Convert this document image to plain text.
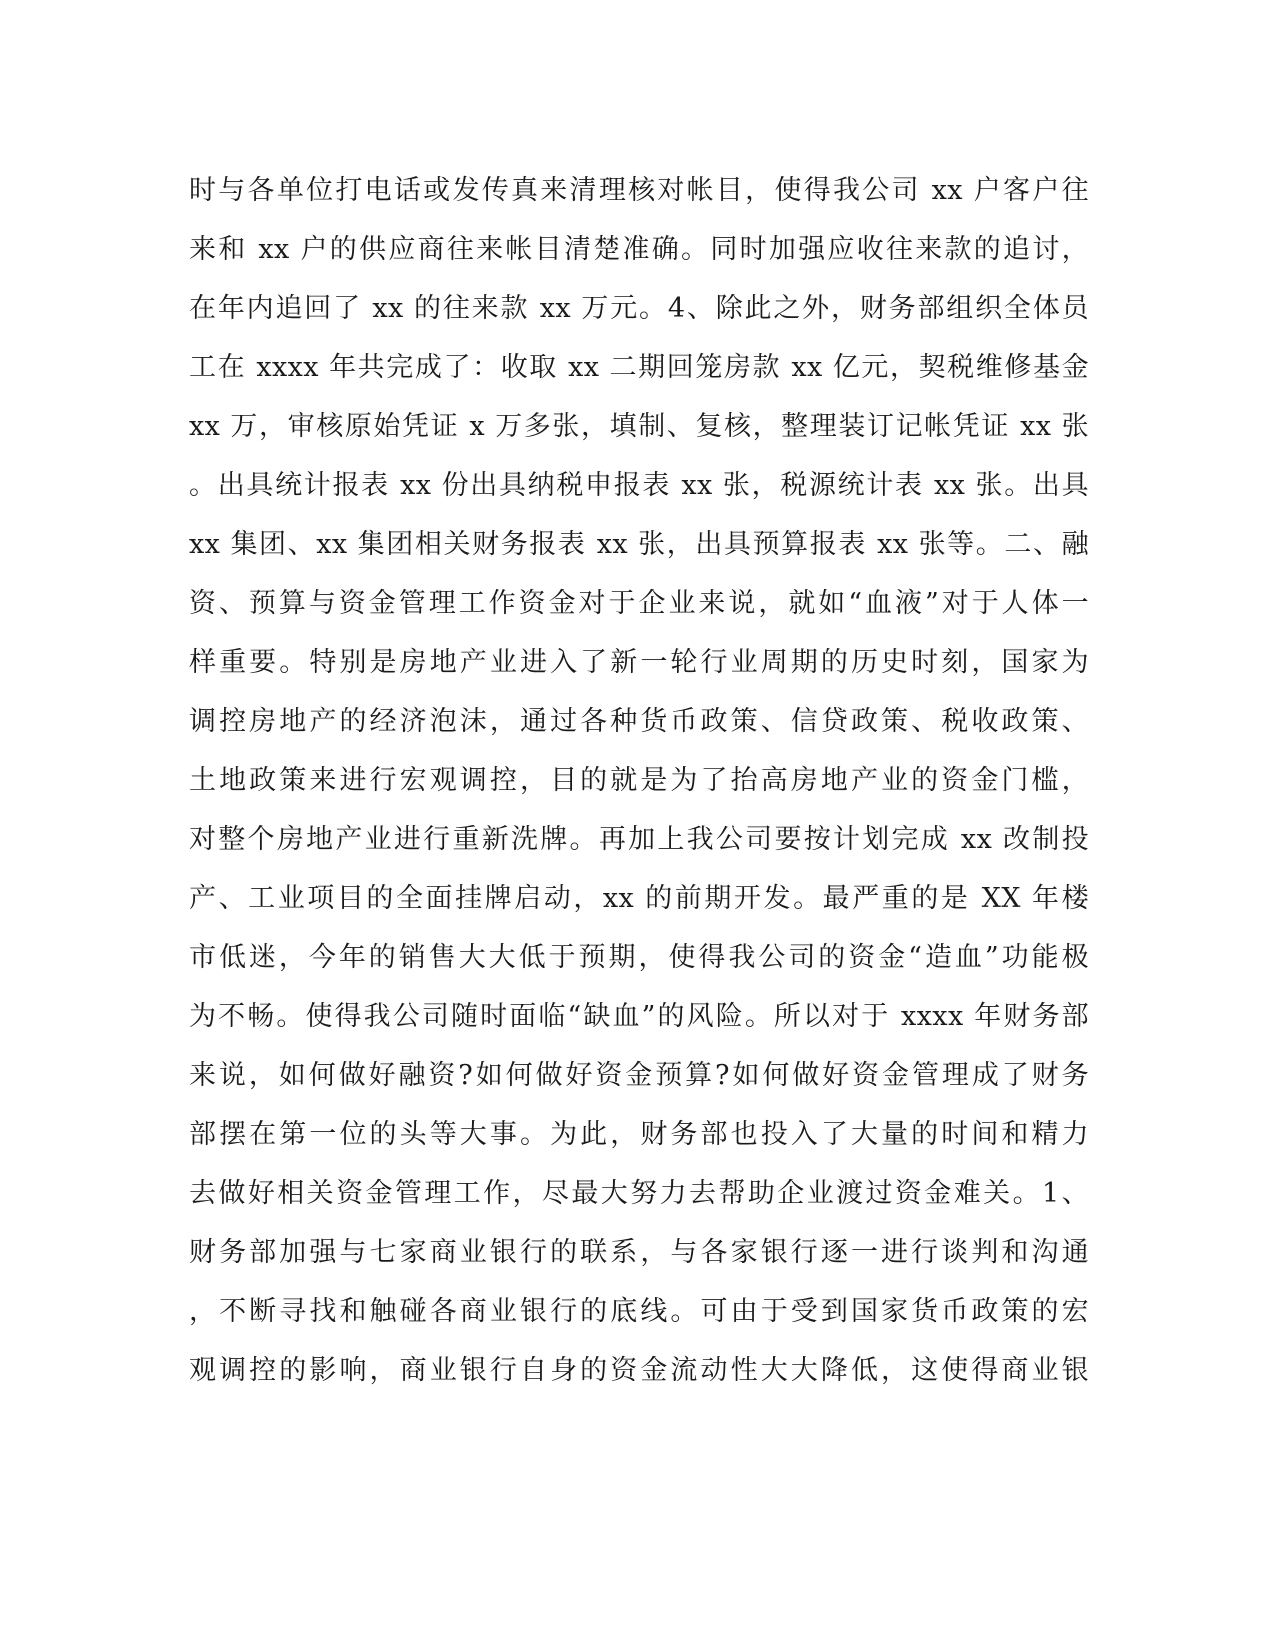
时与各单位打电话或发传真来清理核对帐目，使得我公司 xx 户客户往
来和 xx 户的供应商往来帐目清楚准确。同时加强应收往来款的追讨，
在年内追回了 xx 的往来款 xx 万元。4、除此之外，财务部组织全体员
工在 xxxx 年共完成了：收取 xx 二期回笼房款 xx 亿元，契税维修基金
xx 万，审核原始凭证 x 万多张，填制、复核，整理装订记帐凭证 xx 张
。出具统计报表 xx 份出具纳税申报表 xx 张，税源统计表 xx 张。出具
xx 集团、xx 集团相关财务报表 xx 张，出具预算报表 xx 张等。二、融
资、预算与资金管理工作资金对于企业来说，就如“血液”对于人体一
样重要。特别是房地产业进入了新一轮行业周期的历史时刻，国家为
调控房地产的经济泡沫，通过各种货币政策、信贷政策、税收政策、
土地政策来进行宏观调控，目的就是为了抬高房地产业的资金门槛，
对整个房地产业进行重新洗牌。再加上我公司要按计划完成 xx 改制投
产、工业项目的全面挂牌启动，xx 的前期开发。最严重的是 XX 年楼
市低迷，今年的销售大大低于预期，使得我公司的资金“造血”功能极
为不畅。使得我公司随时面临“缺血”的风险。所以对于 xxxx 年财务部
来说，如何做好融资?如何做好资金预算?如何做好资金管理成了财务
部摆在第一位的头等大事。为此，财务部也投入了大量的时间和精力
去做好相关资金管理工作，尽最大努力去帮助企业渡过资金难关。1、
财务部加强与七家商业银行的联系，与各家银行逐一进行谈判和沟通
，不断寻找和触碰各商业银行的底线。可由于受到国家货币政策的宏
观调控的影响，商业银行自身的资金流动性大大降低，这使得商业银
